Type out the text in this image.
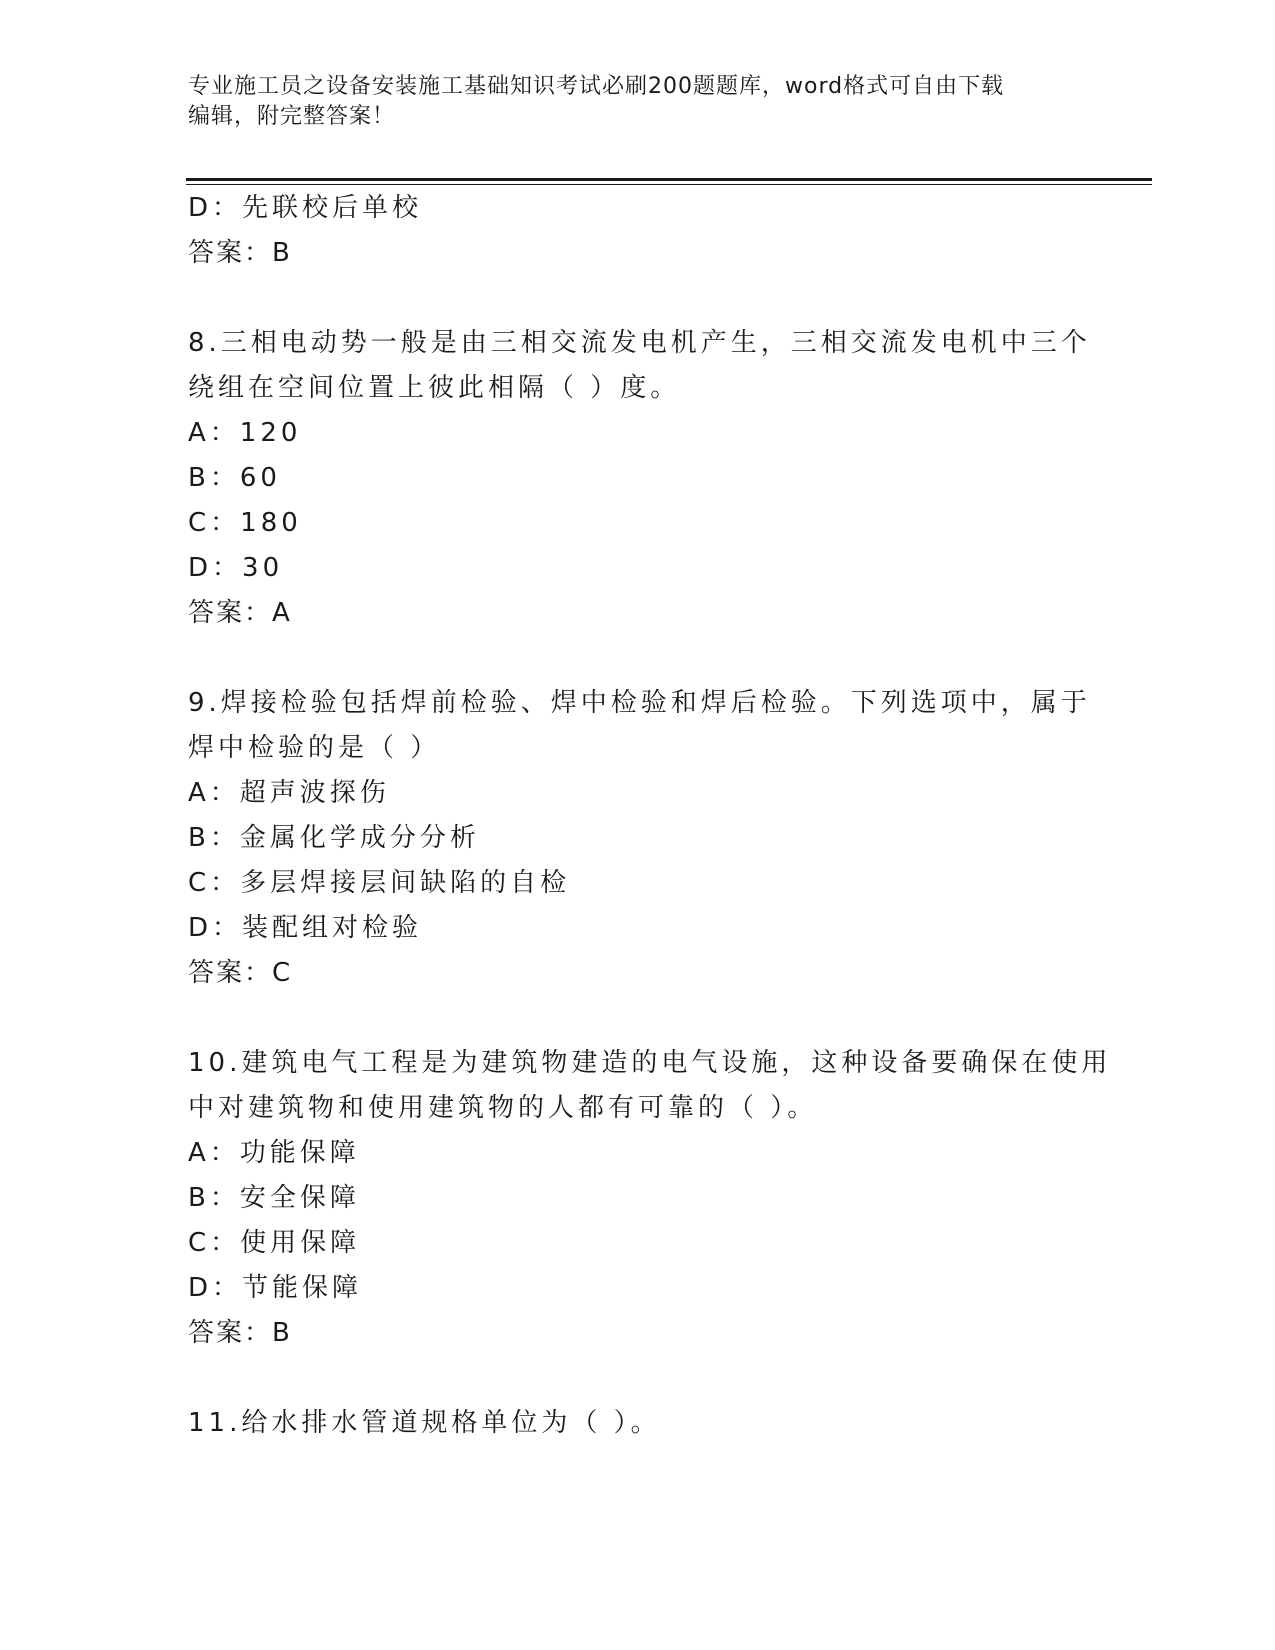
专业施工员之设备安装施工基础知识考试必刷200题题库，word格式可自由下载
编辑，附完整答案！
D：先联校后单校
答案：B
8.三相电动势一般是由三相交流发电机产生，三相交流发电机中三个
绕组在空间位置上彼此相隔（ ）度。
A：120
B：60
C：180
D：30
答案：A
9.焊接检验包括焊前检验、焊中检验和焊后检验。下列选项中，属于
焊中检验的是（ ）
A：超声波探伤
B：金属化学成分分析
C：多层焊接层间缺陷的自检
D：装配组对检验
答案：C
10.建筑电气工程是为建筑物建造的电气设施，这种设备要确保在使用
中对建筑物和使用建筑物的人都有可靠的（ ）。
A：功能保障
B：安全保障
C：使用保障
D：节能保障
答案：B
11.给水排水管道规格单位为（ ）。
